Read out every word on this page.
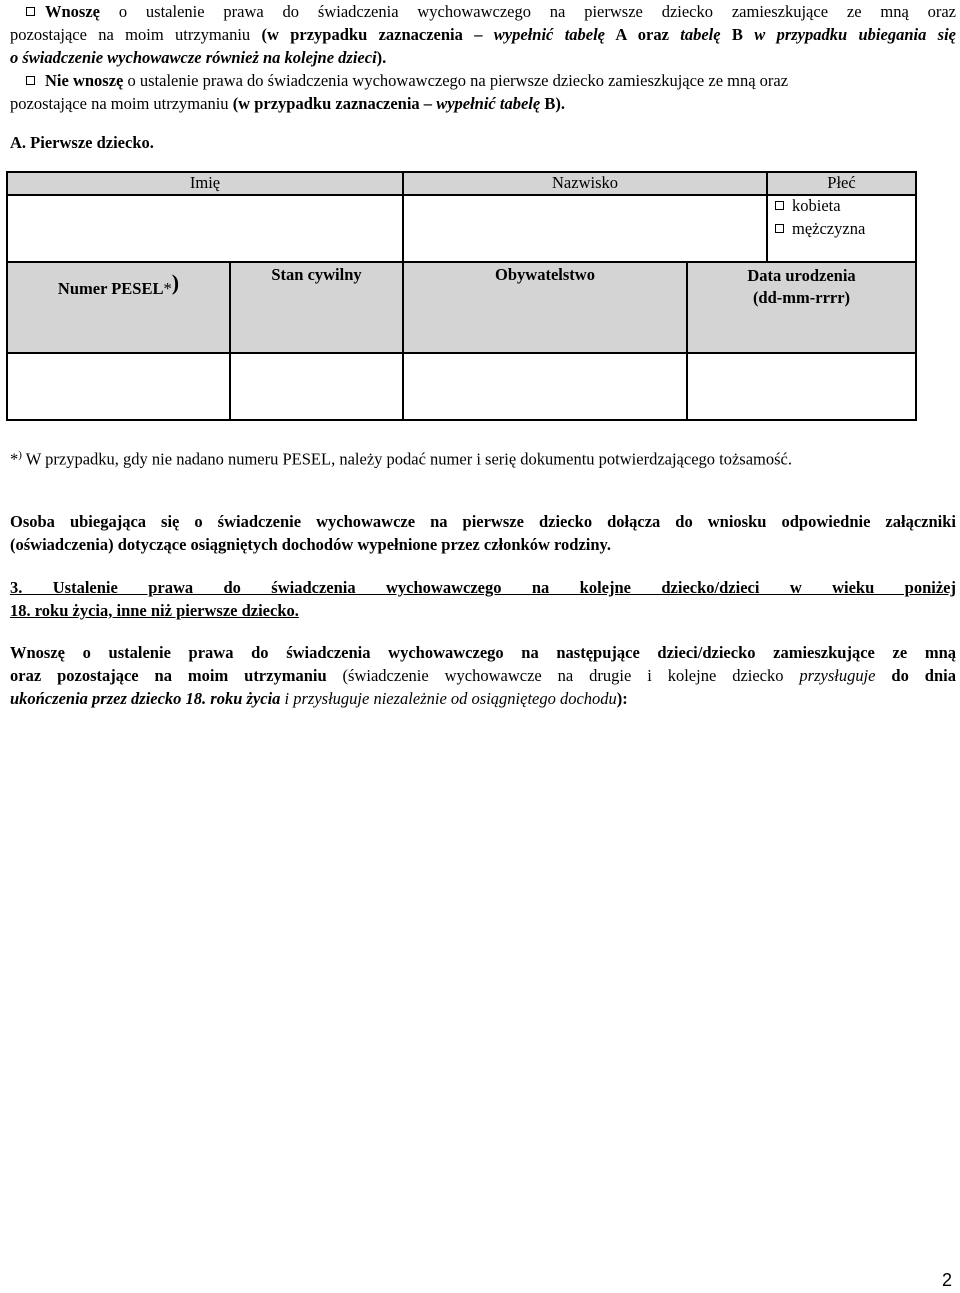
Wnoszę o ustalenie prawa do świadczenia wychowawczego na pierwsze dziecko zamieszkujące ze mną oraz
pozostające na moim utrzymaniu (w przypadku zaznaczenia – wypełnić tabelę A oraz tabelę B w przypadku ubiegania się
o świadczenie wychowawcze również na kolejne dzieci).
Nie wnoszę o ustalenie prawa do świadczenia wychowawczego na pierwsze dziecko zamieszkujące ze mną oraz
pozostające na moim utrzymaniu (w przypadku zaznaczenia – wypełnić tabelę B).
A. Pierwsze dziecko.
Imię	Nazwisko	Płeć
kobieta
mężczyzna
Numer PESEL*)	Stan cywilny	Obywatelstwo	Data urodzenia
(dd-mm-rrrr)
*) W przypadku, gdy nie nadano numeru PESEL, należy podać numer i serię dokumentu potwierdzającego tożsamość.
Osoba ubiegająca się o świadczenie wychowawcze na pierwsze dziecko dołącza do wniosku odpowiednie załączniki
(oświadczenia) dotyczące osiągniętych dochodów wypełnione przez członków rodziny.
3. Ustalenie prawa do świadczenia wychowawczego na kolejne dziecko/dzieci w wieku poniżej
18. roku życia, inne niż pierwsze dziecko.
Wnoszę o ustalenie prawa do świadczenia wychowawczego na następujące dzieci/dziecko zamieszkujące ze mną
oraz pozostające na moim utrzymaniu (świadczenie wychowawcze na drugie i kolejne dziecko przysługuje do dnia
ukończenia przez dziecko 18. roku życia i przysługuje niezależnie od osiągniętego dochodu):
2
